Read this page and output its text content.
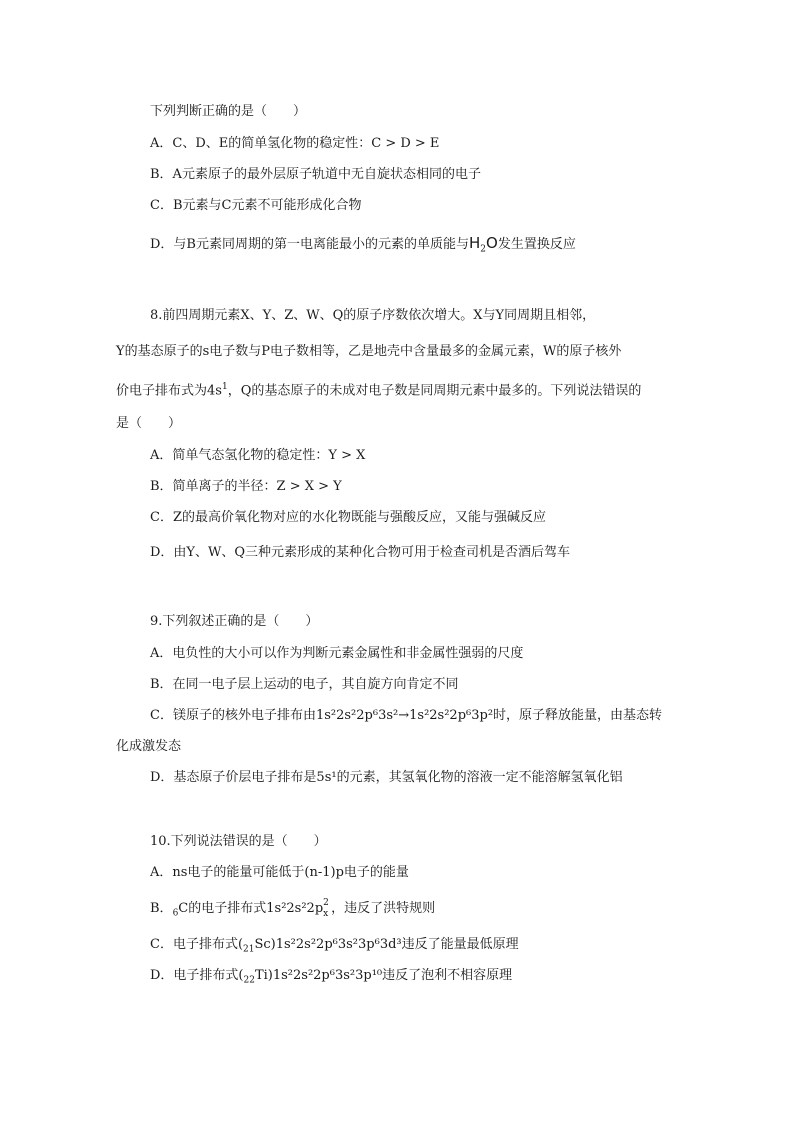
下列判断正确的是（　　）
A．C、D、E的简单氢化物的稳定性：C > D > E
B．A元素原子的最外层原子轨道中无自旋状态相同的电子
C．B元素与C元素不可能形成化合物
D．与B元素同周期的第一电离能最小的元素的单质能与$H_2O$发生置换反应
8.前四周期元素X、Y、Z、W、Q的原子序数依次增大。X与Y同周期且相邻，
Y的基态原子的s电子数与P电子数相等，乙是地壳中含量最多的金属元素，W的原子核外
价电子排布式为$4s^1$，Q的基态原子的未成对电子数是同周期元素中最多的。下列说法错误的
是（　　）
A．简单气态氢化物的稳定性：Y > X
B．简单离子的半径：Z > X > Y
C．Z的最高价氧化物对应的水化物既能与强酸反应，又能与强碱反应
D．由Y、W、Q三种元素形成的某种化合物可用于检查司机是否酒后驾车
9.下列叙述正确的是（　　）
A．电负性的大小可以作为判断元素金属性和非金属性强弱的尺度
B．在同一电子层上运动的电子，其自旋方向肯定不同
C．镁原子的核外电子排布由1s²2s²2p⁶3s²→1s²2s²2p⁶3p²时，原子释放能量，由基态转
化成激发态
D．基态原子价层电子排布是5s¹的元素，其氢氧化物的溶液一定不能溶解氢氧化铝
10.下列说法错误的是（　　）
A．ns电子的能量可能低于(n-1)p电子的能量
B．$_6$C的电子排布式1s²2s²2p 2
x ，违反了洪特规则
C．电子排布式$(_{21}Sc)1s^22s^22p^63s^23p^63d^3$违反了能量最低原理
D．电子排布式$(_{22}Ti)1s^22s^22p^63s^23p^{10}$违反了泡利不相容原理
